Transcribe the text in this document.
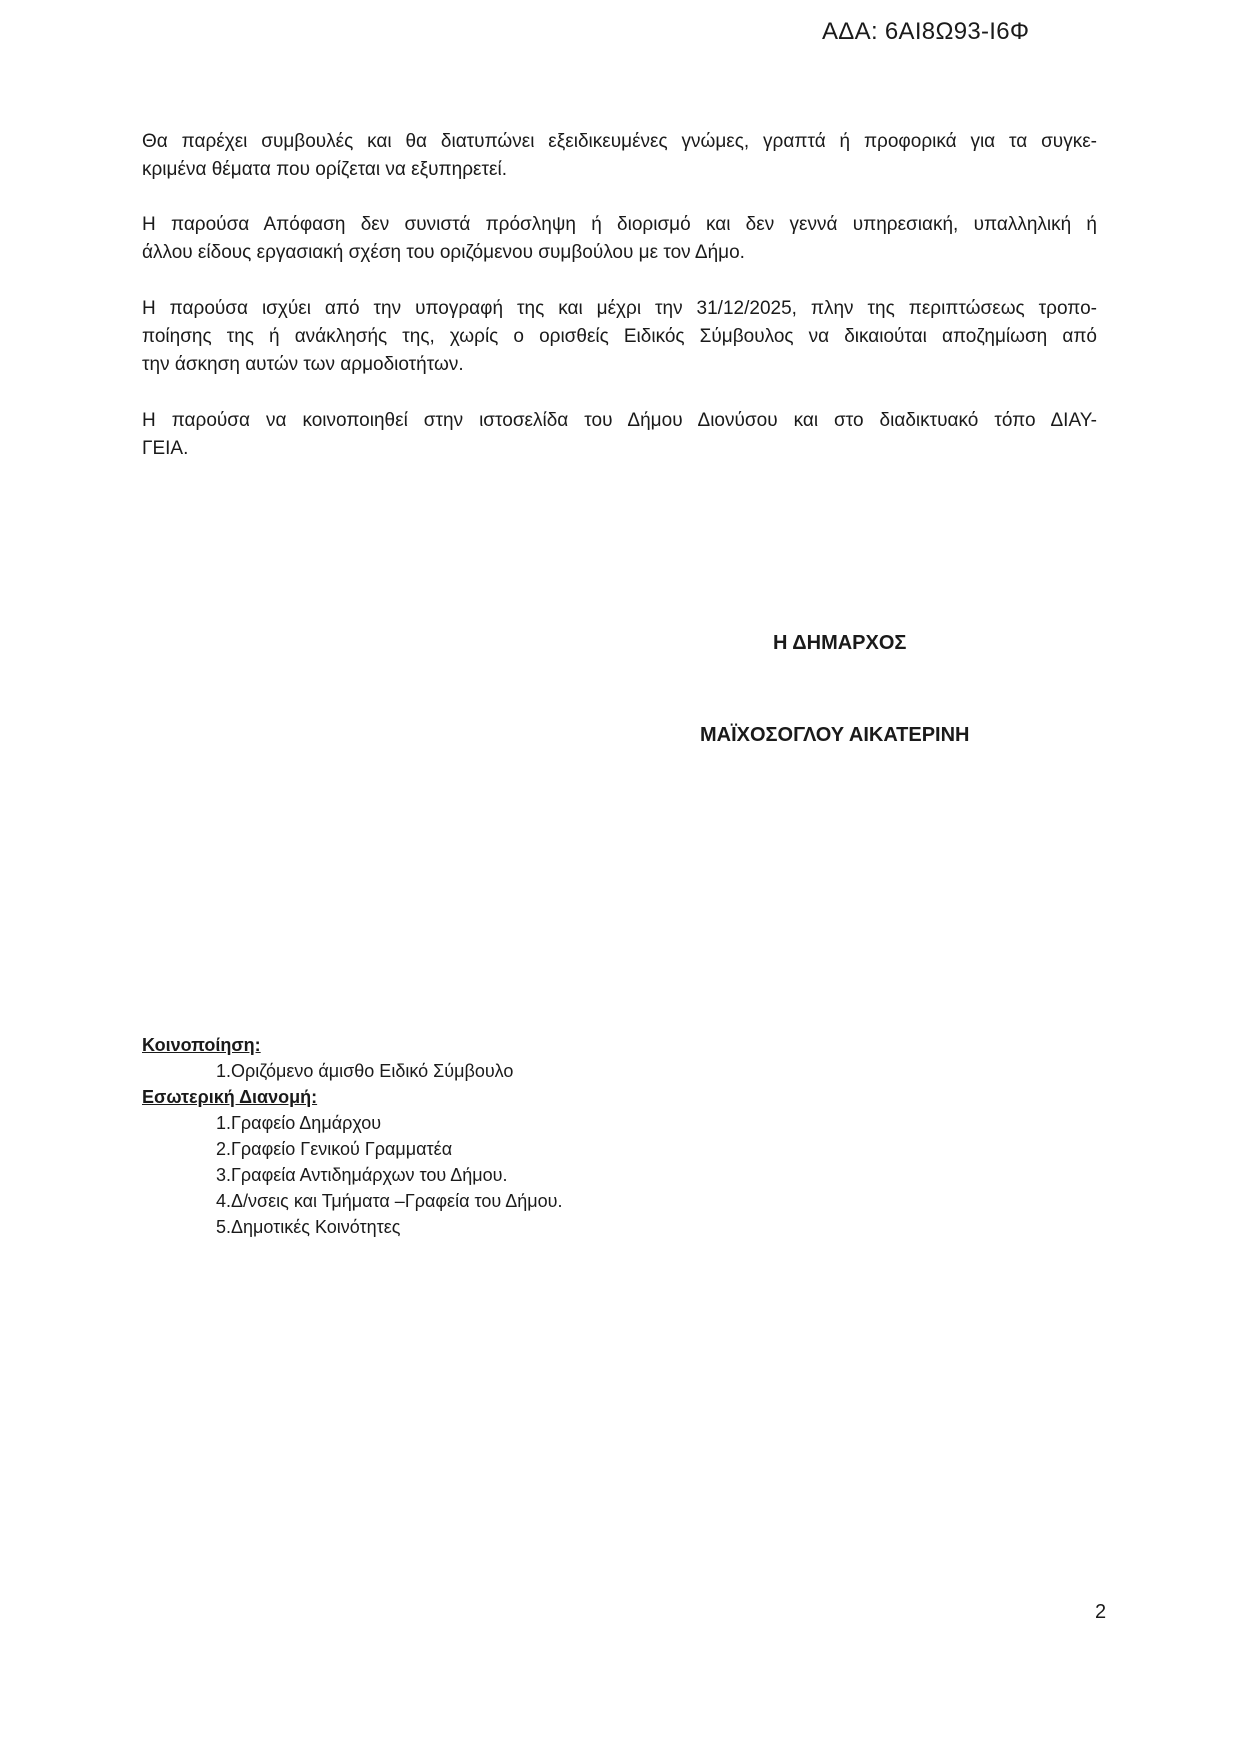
ΑΔΑ: 6ΑΙ8Ω93-Ι6Φ
Θα παρέχει συμβουλές και θα διατυπώνει εξειδικευμένες γνώμες, γραπτά ή προφορικά για τα συγκε-
κριμένα θέματα που ορίζεται να εξυπηρετεί.
Η παρούσα Απόφαση δεν συνιστά πρόσληψη ή διορισμό και δεν γεννά υπηρεσιακή, υπαλληλική ή
άλλου είδους εργασιακή σχέση του οριζόμενου συμβούλου με τον Δήμο.
Η παρούσα ισχύει από την υπογραφή της και μέχρι την 31/12/2025, πλην της περιπτώσεως τροπο-
ποίησης της ή ανάκλησής της, χωρίς ο ορισθείς Ειδικός Σύμβουλος να δικαιούται αποζημίωση από
την άσκηση αυτών των αρμοδιοτήτων.
Η παρούσα να κοινοποιηθεί στην ιστοσελίδα του Δήμου Διονύσου και στο διαδικτυακό τόπο ΔΙΑΥ-
ΓΕΙΑ.
Η ΔΗΜΑΡΧΟΣ
ΜΑΪΧΟΣΟΓΛΟΥ ΑΙΚΑΤΕΡΙΝΗ
Κοινοποίηση:
1.Οριζόμενο άμισθο Ειδικό Σύμβουλο
Εσωτερική Διανομή:
1.Γραφείο Δημάρχου
2.Γραφείο Γενικού Γραμματέα
3.Γραφεία Αντιδημάρχων του Δήμου.
4.Δ/νσεις και Τμήματα –Γραφεία του Δήμου.
5.Δημοτικές Κοινότητες
2
